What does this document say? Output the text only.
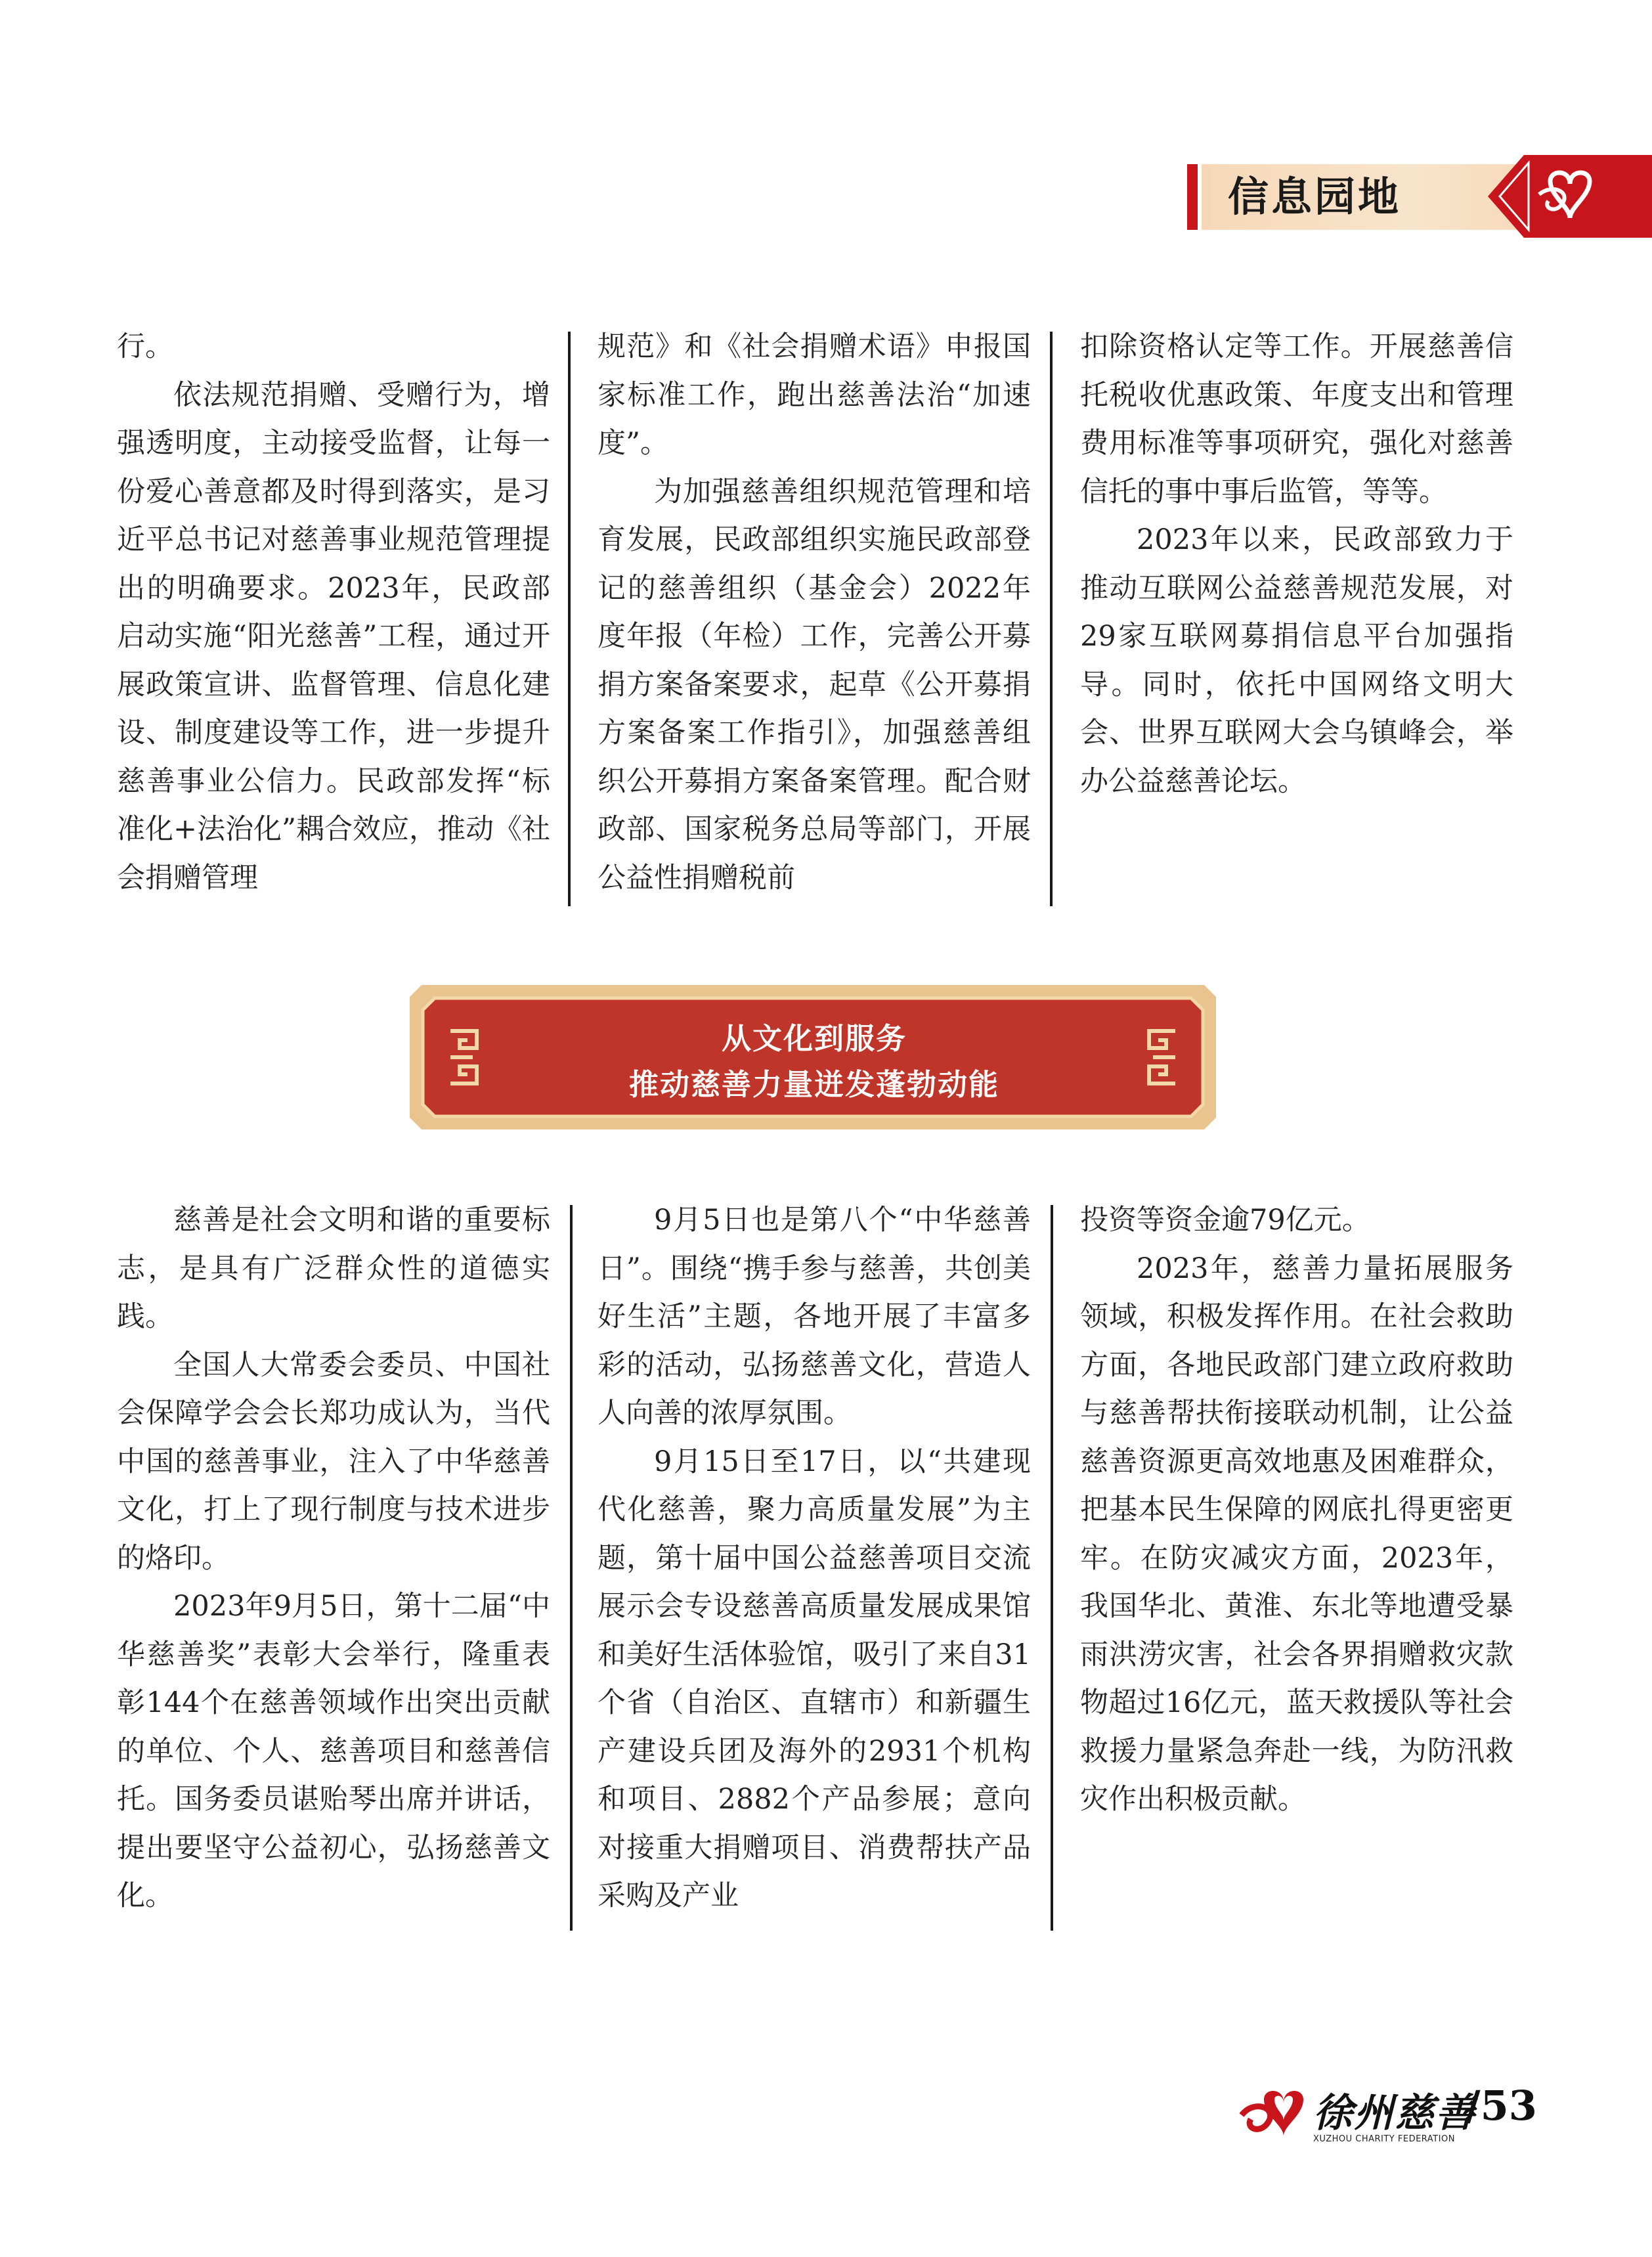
信息园地

行。

依法规范捐赠、受赠行为，增强透明度，主动接受监督，让每一份爱心善意都及时得到落实，是习近平总书记对慈善事业规范管理提出的明确要求。2023年，民政部启动实施“阳光慈善”工程，通过开展政策宣讲、监督管理、信息化建设、制度建设等工作，进一步提升慈善事业公信力。民政部发挥“标准化+法治化”耦合效应，推动《社会捐赠管理

规范》和《社会捐赠术语》申报国家标准工作，跑出慈善法治“加速度”。

为加强慈善组织规范管理和培育发展，民政部组织实施民政部登记的慈善组织（基金会）2022年度年报（年检）工作，完善公开募捐方案备案要求，起草《公开募捐方案备案工作指引》，加强慈善组织公开募捐方案备案管理。配合财政部、国家税务总局等部门，开展公益性捐赠税前

扣除资格认定等工作。开展慈善信托税收优惠政策、年度支出和管理费用标准等事项研究，强化对慈善信托的事中事后监管，等等。

2023年以来，民政部致力于推动互联网公益慈善规范发展，对29家互联网募捐信息平台加强指导。同时，依托中国网络文明大会、世界互联网大会乌镇峰会，举办公益慈善论坛。

从文化到服务
推动慈善力量迸发蓬勃动能

慈善是社会文明和谐的重要标志，是具有广泛群众性的道德实践。

全国人大常委会委员、中国社会保障学会会长郑功成认为，当代中国的慈善事业，注入了中华慈善文化，打上了现行制度与技术进步的烙印。

2023年9月5日，第十二届“中华慈善奖”表彰大会举行，隆重表彰144个在慈善领域作出突出贡献的单位、个人、慈善项目和慈善信托。国务委员谌贻琴出席并讲话，提出要坚守公益初心，弘扬慈善文化。

9月5日也是第八个“中华慈善日”。围绕“携手参与慈善，共创美好生活”主题，各地开展了丰富多彩的活动，弘扬慈善文化，营造人人向善的浓厚氛围。

9月15日至17日，以“共建现代化慈善，聚力高质量发展”为主题，第十届中国公益慈善项目交流展示会专设慈善高质量发展成果馆和美好生活体验馆，吸引了来自31个省（自治区、直辖市）和新疆生产建设兵团及海外的2931个机构和项目、2882个产品参展；意向对接重大捐赠项目、消费帮扶产品采购及产业

投资等资金逾79亿元。

2023年，慈善力量拓展服务领域，积极发挥作用。在社会救助方面，各地民政部门建立政府救助与慈善帮扶衔接联动机制，让公益慈善资源更高效地惠及困难群众，把基本民生保障的网底扎得更密更牢。在防灾减灾方面，2023年，我国华北、黄淮、东北等地遭受暴雨洪涝灾害，社会各界捐赠救灾款物超过16亿元，蓝天救援队等社会救援力量紧急奔赴一线，为防汛救灾作出积极贡献。

徐州慈善
XUZHOU CHARITY FEDERATION
/53
